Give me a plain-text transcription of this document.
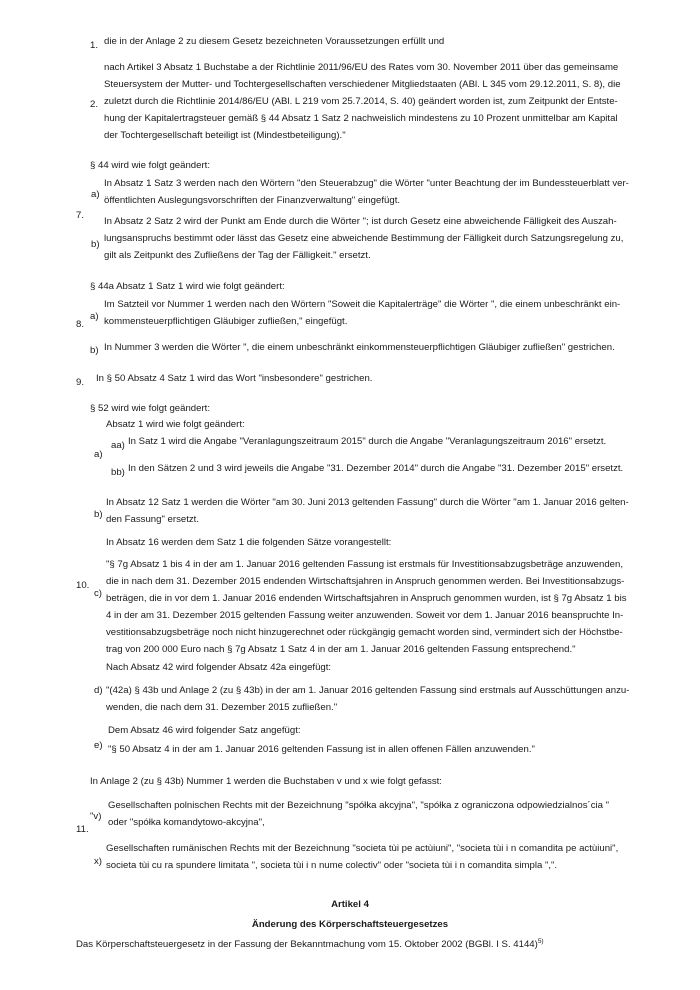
1. die in der Anlage 2 zu diesem Gesetz bezeichneten Voraussetzungen erfüllt und

2.

nach Artikel 3 Absatz 1 Buchstabe a der Richtlinie 2011/96/EU des Rates vom 30. November 2011 über das gemeinsame

Steuersystem der Mutter- und Tochtergesellschaften verschiedener Mitgliedstaaten (ABl. L 345 vom 29.12.2011, S. 8), die

zuletzt durch die Richtlinie 2014/86/EU (ABl. L 219 vom 25.7.2014, S. 40) geändert worden ist, zum Zeitpunkt der Entste-

hung der Kapitalertragsteuer gemäß § 44 Absatz 1 Satz 2 nachweislich mindestens zu 10 Prozent unmittelbar am Kapital

der Tochtergesellschaft beteiligt ist (Mindestbeteiligung)."

7.

§ 44 wird wie folgt geändert:

a)

In Absatz 1 Satz 3 werden nach den Wörtern "den Steuerabzug" die Wörter "unter Beachtung der im Bundessteuerblatt ver-

öffentlichten Auslegungsvorschriften der Finanzverwaltung" eingefügt.

b)

In Absatz 2 Satz 2 wird der Punkt am Ende durch die Wörter "; ist durch Gesetz eine abweichende Fälligkeit des Auszah-

lungsanspruchs bestimmt oder lässt das Gesetz eine abweichende Bestimmung der Fälligkeit durch Satzungsregelung zu,

gilt als Zeitpunkt des Zufließens der Tag der Fälligkeit." ersetzt.

8.

§ 44a Absatz 1 Satz 1 wird wie folgt geändert:

a)

Im Satzteil vor Nummer 1 werden nach den Wörtern "Soweit die Kapitalerträge" die Wörter ", die einem unbeschränkt ein-

kommensteuerpflichtigen Gläubiger zufließen," eingefügt.

b) In Nummer 3 werden die Wörter ", die einem unbeschränkt einkommensteuerpflichtigen Gläubiger zufließen" gestrichen.

9. In § 50 Absatz 4 Satz 1 wird das Wort "insbesondere" gestrichen.

10.

§ 52 wird wie folgt geändert:

a)

Absatz 1 wird wie folgt geändert:

aa) In Satz 1 wird die Angabe "Veranlagungszeitraum 2015" durch die Angabe "Veranlagungszeitraum 2016" ersetzt.

bb) In den Sätzen 2 und 3 wird jeweils die Angabe "31. Dezember 2014" durch die Angabe "31. Dezember 2015" ersetzt.

b)

In Absatz 12 Satz 1 werden die Wörter "am 30. Juni 2013 geltenden Fassung" durch die Wörter "am 1. Januar 2016 gelten-

den Fassung" ersetzt.

c)

In Absatz 16 werden dem Satz 1 die folgenden Sätze vorangestellt:

"§ 7g Absatz 1 bis 4 in der am 1. Januar 2016 geltenden Fassung ist erstmals für Investitionsabzugsbeträge anzuwenden,

die in nach dem 31. Dezember 2015 endenden Wirtschaftsjahren in Anspruch genommen werden. Bei Investitionsabzugs-

beträgen, die in vor dem 1. Januar 2016 endenden Wirtschaftsjahren in Anspruch genommen wurden, ist § 7g Absatz 1 bis

4 in der am 31. Dezember 2015 geltenden Fassung weiter anzuwenden. Soweit vor dem 1. Januar 2016 beanspruchte In-

vestitionsabzugsbeträge noch nicht hinzugerechnet oder rückgängig gemacht worden sind, vermindert sich der Höchstbe-

trag von 200 000 Euro nach § 7g Absatz 1 Satz 4 in der am 1. Januar 2016 geltenden Fassung entsprechend."

d)

Nach Absatz 42 wird folgender Absatz 42a eingefügt:

"(42a) § 43b und Anlage 2 (zu § 43b) in der am 1. Januar 2016 geltenden Fassung sind erstmals auf Ausschüttungen anzu-

wenden, die nach dem 31. Dezember 2015 zufließen."

e)

Dem Absatz 46 wird folgender Satz angefügt:

"§ 50 Absatz 4 in der am 1. Januar 2016 geltenden Fassung ist in allen offenen Fällen anzuwenden."

11.

In Anlage 2 (zu § 43b) Nummer 1 werden die Buchstaben v und x wie folgt gefasst:

"v)

Gesellschaften polnischen Rechts mit der Bezeichnung "spółka akcyjna", "spółka z ograniczona odpowiedzialnos´cia "

oder "spółka komandytowo-akcyjna",

x)

Gesellschaften rumänischen Rechts mit der Bezeichnung "societa tùi pe actùiuni", "societa tùi i n comandita pe actùiuni",

societa tùi cu ra spundere limitata ", societa tùi i n nume colectiv" oder "societa tùi i n comandita simpla ",".

Artikel 4

Änderung des Körperschaftsteuergesetzes

Das Körperschaftsteuergesetz in der Fassung der Bekanntmachung vom 15. Oktober 2002 (BGBl. I S. 4144)$^{5)}$
